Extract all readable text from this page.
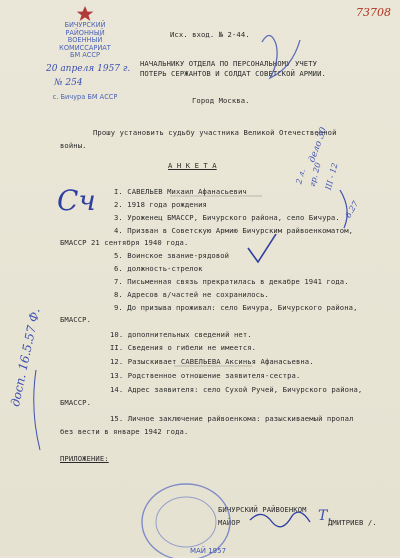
73708
БИЧУРСКИЙ
РАЙОННЫЙ ВОЕННЫЙ
КОМИССАРИАТ
БМ АССР
20 апреля 1957 г.
№ 254
с. Бичура БМ АССР
Исх. вход. № 2-44.
НАЧАЛЬНИКУ ОТДЕЛА ПО ПЕРСОНАЛЬНОМУ УЧЕТУ
ПОТЕРЬ СЕРЖАНТОВ И СОЛДАТ СОВЕТСКОЙ АРМИИ.
Город Москва.
Прошу установить судьбу участника Великой Отечественной
войны.
А Н К Е Т А
I. САВЕЛЬЕВ Михаил Афанасьевич
2. 1918 года рождения
3. Уроженец БМАССР, Бичурского района, село Бичура.
4. Призван в Советскую Армию Бичурским райвоенкоматом,
БМАССР 21 сентября 1940 года.
5. Воинское звание-рядовой
6. должность-стрелок
7. Письменная связь прекратилась в декабре 1941 года.
8. Адресов в/частей не сохранилось.
9. До призыва проживал: село Бичура, Бичурского района,
БМАССР.
10. дополнительных сведений нет.
II. Сведения о гибели не имеется.
12. Разыскивает САВЕЛЬЕВА Аксинья Афанасьевна.
13. Родственное отношение заявителя-сестра.
14. Адрес заявителя: село Сухой Ручей, Бичурского района,
БМАССР.
15. Личное заключение райвоенкома: разыскиваемый пропал
без вести в январе 1942 года.
ПРИЛОЖЕНИЕ:
БИЧУРСКИЙ РАЙВОЕНКОМ
МАЙОР	ДМИТРИЕВ /.
МАЙ 1957
дело 30
2 л. гр. 20 III - 12
6.27
Сч
досп. 16.5.57 Ф.
Т.
